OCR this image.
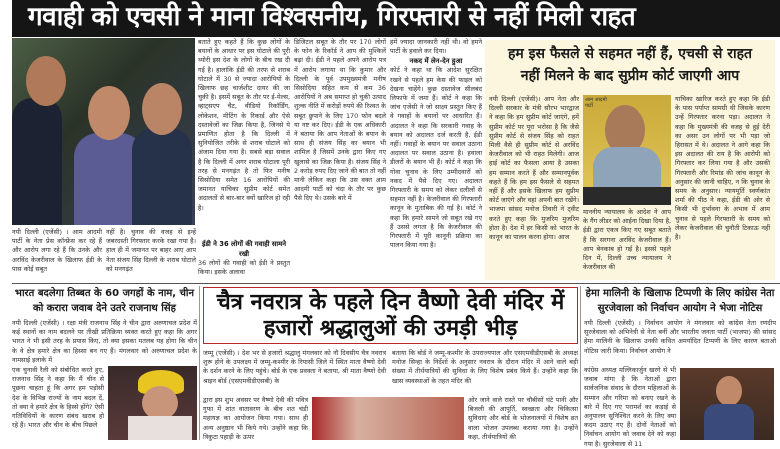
गवाही को एचसी ने माना विश्वसनीय, गिरफ्तारी से नहीं मिली राहत
नयी दिल्ली (एजेंसी) । आम आदमी पार्टी के नेता प्रेस कॉन्फ्रेंस कर रहे हैं और आरोप लगा रहे हैं कि उनके और अरविंद केजरीवाल के खिलाफ ईडी के पास कोई सबूत
नहीं है। चुनाव की वजह से इन्हें जबरदस्ती गिरफ्तार करके रखा गया है। हाल ही में जमानत पर बाहर आए आप नेता संजय सिंह दिल्ली के शराब घोटाले को मनगढ़ंत
बताते हुए कहते हैं कि कुछ लोगों के बयानों के आधार पर इस घोटाले की पूरी थ्योरी इस देश के लोगों के बीच रख दी गई है। हालांकि ईडी की तरफ से शराब घोटाले में 30 से ज्यादा आरोपियों के खिलाफ छह चार्जशीट दायर की जा चुकी है। इसमें सबूत के तौर पर ई-मेल्स, व्हाट्सएप चैट, वीडियो रिकॉर्डिंग, लोकेशन, मीटिंग के रिकार्ड और ऐसे दस्तावेजों का जिक्र किया है, जिनसे ये प्रमाणित होता है कि दिल्ली में सुनियोजित तरीके से शराब घोटाले को अंजाम दिया गया है। सबसे बड़ा सवाल है कि दिल्ली में अगर शराब घोटाला पूरी तरह से मनगढ़ंत है तो फिर मनीष सिसोदिया समेत 16 आरोपियों की जमानत याचिका सुप्रीम कोर्ट समेत अदालतों से बार-बार क्यों खारिज हो रही है।
ईडी ने 36 लोगों की गवाही सामने रखी
36 लोगों की गवाही को ईडी ने प्रस्तुत किया। इसके अलावा
डिजिटल सबूत के तौर पर 170 लोगों के फोन के रिकॉर्ड ने आप की मुश्किलें बढ़ा दी। ईडी ने पहले अपने आरोप पत्र में आरोप लगाया था कि कुमार और दिल्ली के पूर्व उपमुख्यमंत्री मनीष सिसोदिया सहित कम से कम 36 आरोपियों ने अब समाप्त हो चुकी उत्पाद शुल्क नीति में करोड़ों रुपये की रिश्वत के सबूत छुपाने के लिए 170 फोन बदले या नष्ट कर दिए। ईडी के एक अधिकारी ने बताया कि आप नेताओं के बयान के साथ ही संजय सिंह का बयान भी शामिल है जिसमें उनके द्वारा किए गए खुलासे का जिक्र किया है। संजय सिंह ने 2 करोड़ रुपए दिए जाने की बात तो नहीं मानी लेकिन कहा कि उस वक्त आम आदमी पार्टी को चंदा के तौर पर कुछ पैसे दिए थे। उसके बारे में
हमें ज्यादा जानकारी नहीं थी। वो हमने पार्टी के हवाले कर दिया।
नकद में लेन-देन हुआ
कोर्ट ने कहा था कि आदेश सुरक्षित रखने से पहले हम केस की फाइल को देखना चाहेंगे। कुछ दस्तावेज सीलबंद लिफाफे में जमा हैं। कोर्ट ने कहा कि जांच एजेंसी ने जो साक्ष्य प्रस्तुत किए हैं वे गवाहों के बयानों पर आधारित हैं। अदालत ने कहा कि सरकारी गवाह के बयान को अदालत दर्ज करती है, ईडी नहीं। गवाहों के बयान पर सवाल उठाना अदालत पर सवाल उठाना है। हवाला डीलरों के बयान भी हैं। कोर्ट ने कहा कि गोवा चुनाव के लिए उम्मीदवारों को नकद में पैसे दिए गए। अदालत गिरफ्तारी के समय को लेकर दलीलों से सहमत नहीं है। केजरीवाल की गिरफ्तारी कानून के मुताबिक की गई है। कोर्ट ने कहा कि हमारे सामने जो सबूत रखे गए हैं उससे लगता है कि केजरीवाल की गिरफ्तारी में पूरी कानूनी प्रक्रिया का पालन किया गया है।
हम इस फैसले से सहमत नहीं हैं, एचसी से राहत नहीं मिलने के बाद सुप्रीम कोर्ट जाएगी आप
नयी दिल्ली (एजेंसी)। आप नेता और दिल्ली सरकार के मंत्री सौरभ भारद्वाज ने कहा कि हम सुप्रीम कोर्ट जाएंगे, हमें सुप्रीम कोर्ट पर पूरा भरोसा है कि जैसे सुप्रीम कोर्ट से संजय सिंह को राहत मिली वैसे ही सुप्रीम कोर्ट से अरविंद केजरीवाल को भी राहत मिलेगी। आज हाई कोर्ट का फैसला आया है उसका हम सम्मान करते हैं और सम्मानपूर्वक कहते हैं कि हम इस फैसले से सहमत नहीं हैं और इसके खिलाफ हम सुप्रीम कोर्ट जाएंगे और वहां अपनी बात रखेंगे। भाजपा सांसद मनोज तिवारी ने ट्वीट करते हुए कहा कि मुजरिम मुजरिम होता है। देश में हर किसी को भारत के कानून का पालन करना होगा। आज
आम आदमी पार्टी
माननीय न्यायालय के आदेश ने आप के गैंग लीडर को आईना दिखा दिया है, ईडी द्वारा एकत्र किए गए सबूत बताते हैं कि सरगना अरविंद केजरीवाल हैं। आप बेनकाब हो गई है। इससे पहले दिन में, दिल्ली उच्च न्यायालय ने केजरीवाल की
याचिका खारिज करते हुए कहा कि ईडी के पास पर्याप्त सामग्री थी जिसके कारण उन्हें गिरफ्तार करना पड़ा। अदालत ने कहा कि मुख्यमंत्री की वजह से हुई देरी का असर उन लोगों पर भी पड़ा जो हिरासत में थे। अदालत ने आगे कहा कि इस अदालत की राय है कि आरोपी को गिरफ्तार कर लिया गया है और उसकी गिरफ्तारी और रिमांड की जांच कानून के अनुसार की जानी चाहिए, न कि चुनाव के समय के अनुसार। न्यायमूर्ति स्वर्णकांत शर्मा की पीठ ने कहा, ईडी की ओर से किसी भी दुर्भावना के अभाव में आम चुनाव से पहले गिरफ्तारी के समय को लेकर केजरीवाल की चुनौती टिकाऊ नहीं है।
भारत बदलेगा तिब्बत के 60 जगहों के नाम, चीन को करारा जवाब देने उतरे राजनाथ सिंह
नयी दिल्ली (एजेंसी) । रक्षा मंत्री राजनाथ सिंह ने चीन द्वारा अरुणाचल प्रदेश में कई स्थानों का नाम बदलने पर तीखी प्रतिक्रिया व्यक्त करते हुए कहा कि अगर भारत ने भी इसी तरह के प्रयास किए, तो क्या इसका मतलब यह होगा कि चीन के वे क्षेत्र हमारे क्षेत्र का हिस्सा बन गए हैं। मंगलवार को अरुणाचल प्रदेश के नामसाई इलाके में
एक चुनावी रैली को संबोधित करते हुए, राजनाथ सिंह ने कहा कि मैं चीन से पूछना चाहता हूं कि अगर हम पड़ोसी देश के विभिन्न राज्यों के नाम बदल दें, तो क्या वे हमारे क्षेत्र के हिस्से होंगे? ऐसी गतिविधियों के कारण संबंध खराब हो रहे हैं। भारत और चीन के बीच पिछले
चैत्र नवरात्र के पहले दिन वैष्णो देवी मंदिर में हजारों श्रद्धालुओं की उमड़ी भीड़
जम्मू (एजेंसी) । देश भर से हजारों श्रद्धालु मंगलवार को नौ दिवसीय चैत्र नवरात्र शुरू होने के उपलक्ष्य में जम्मू-कश्मीर के रियासी जिले में स्थित माता वैष्णो देवी के दर्शन करने के लिए पहुंचे। बोर्ड के एक प्रवक्ता ने बताया, श्री माता वैष्णो देवी श्राइन बोर्ड (एसएमवीडीएसबी) के
बताया कि बोर्ड ने जम्मू-कश्मीर के उपराज्यपाल और एसएमवीडीएसबी के अध्यक्ष मनोज सिन्हा के निर्देशों के अनुसार नवरात्र के दौरान मंदिर में आने वाले बड़ी संख्या में तीर्थयात्रियों की सुविधा के लिए विशेष प्रबंध किये हैं। उन्होंने कहा कि खास व्यवस्थाओं के तहत मंदिर की
द्वारा इस शुभ अवसर पर वैष्णो देवी की पवित्र गुफा में शांत वातावरण के बीच शत चंडी महायज्ञ का आयोजन किया गया। साथ ही अन्य अनुष्ठान भी किये गये। उन्होंने कहा कि त्रिकुटा पहाड़ी के ऊपर
ओर जाने वाले रास्ते पर चौबीसों घंटे पानी और बिजली की आपूर्ति, स्वच्छता और चिकित्सा सुविधाएं और बोर्ड के भोजनालयों में विशेष व्रत वाला भोजन उपलब्ध कराया गया है। उन्होंने कहा, तीर्थयात्रियों की
हेमा मालिनी के खिलाफ टिप्पणी के लिए कांग्रेस नेता सुरजेवाला को निर्वाचन आयोग ने भेजा नोटिस
नयी दिल्ली (एजेंसी) । निर्वाचन आयोग ने मंगलवार को कांग्रेस नेता रणदीप सुरजेवाला को अभिनेत्री से नेता बनीं और भारतीय जनता पार्टी (भाजपा) की सांसद हेमा मालिनी के खिलाफ उनकी कथित अमर्यादित टिप्पणी के लिए कारण बताओ नोटिस जारी किया। निर्वाचन आयोग ने
कांग्रेस अध्यक्ष मल्लिकार्जुन खरगे से भी जवाब मांगा है कि नेताओं द्वारा सार्वजनिक संवाद के दौरान महिलाओं के सम्मान और गरिमा को बनाए रखने के बारे में दिए गए परामर्श का कड़ाई से अनुपालन सुनिश्चित करने के लिए क्या कदम उठाए गए हैं। दोनों नेताओं को निर्वाचन आयोग को जवाब देने को कहा गया है। सुरजेवाला से 11
